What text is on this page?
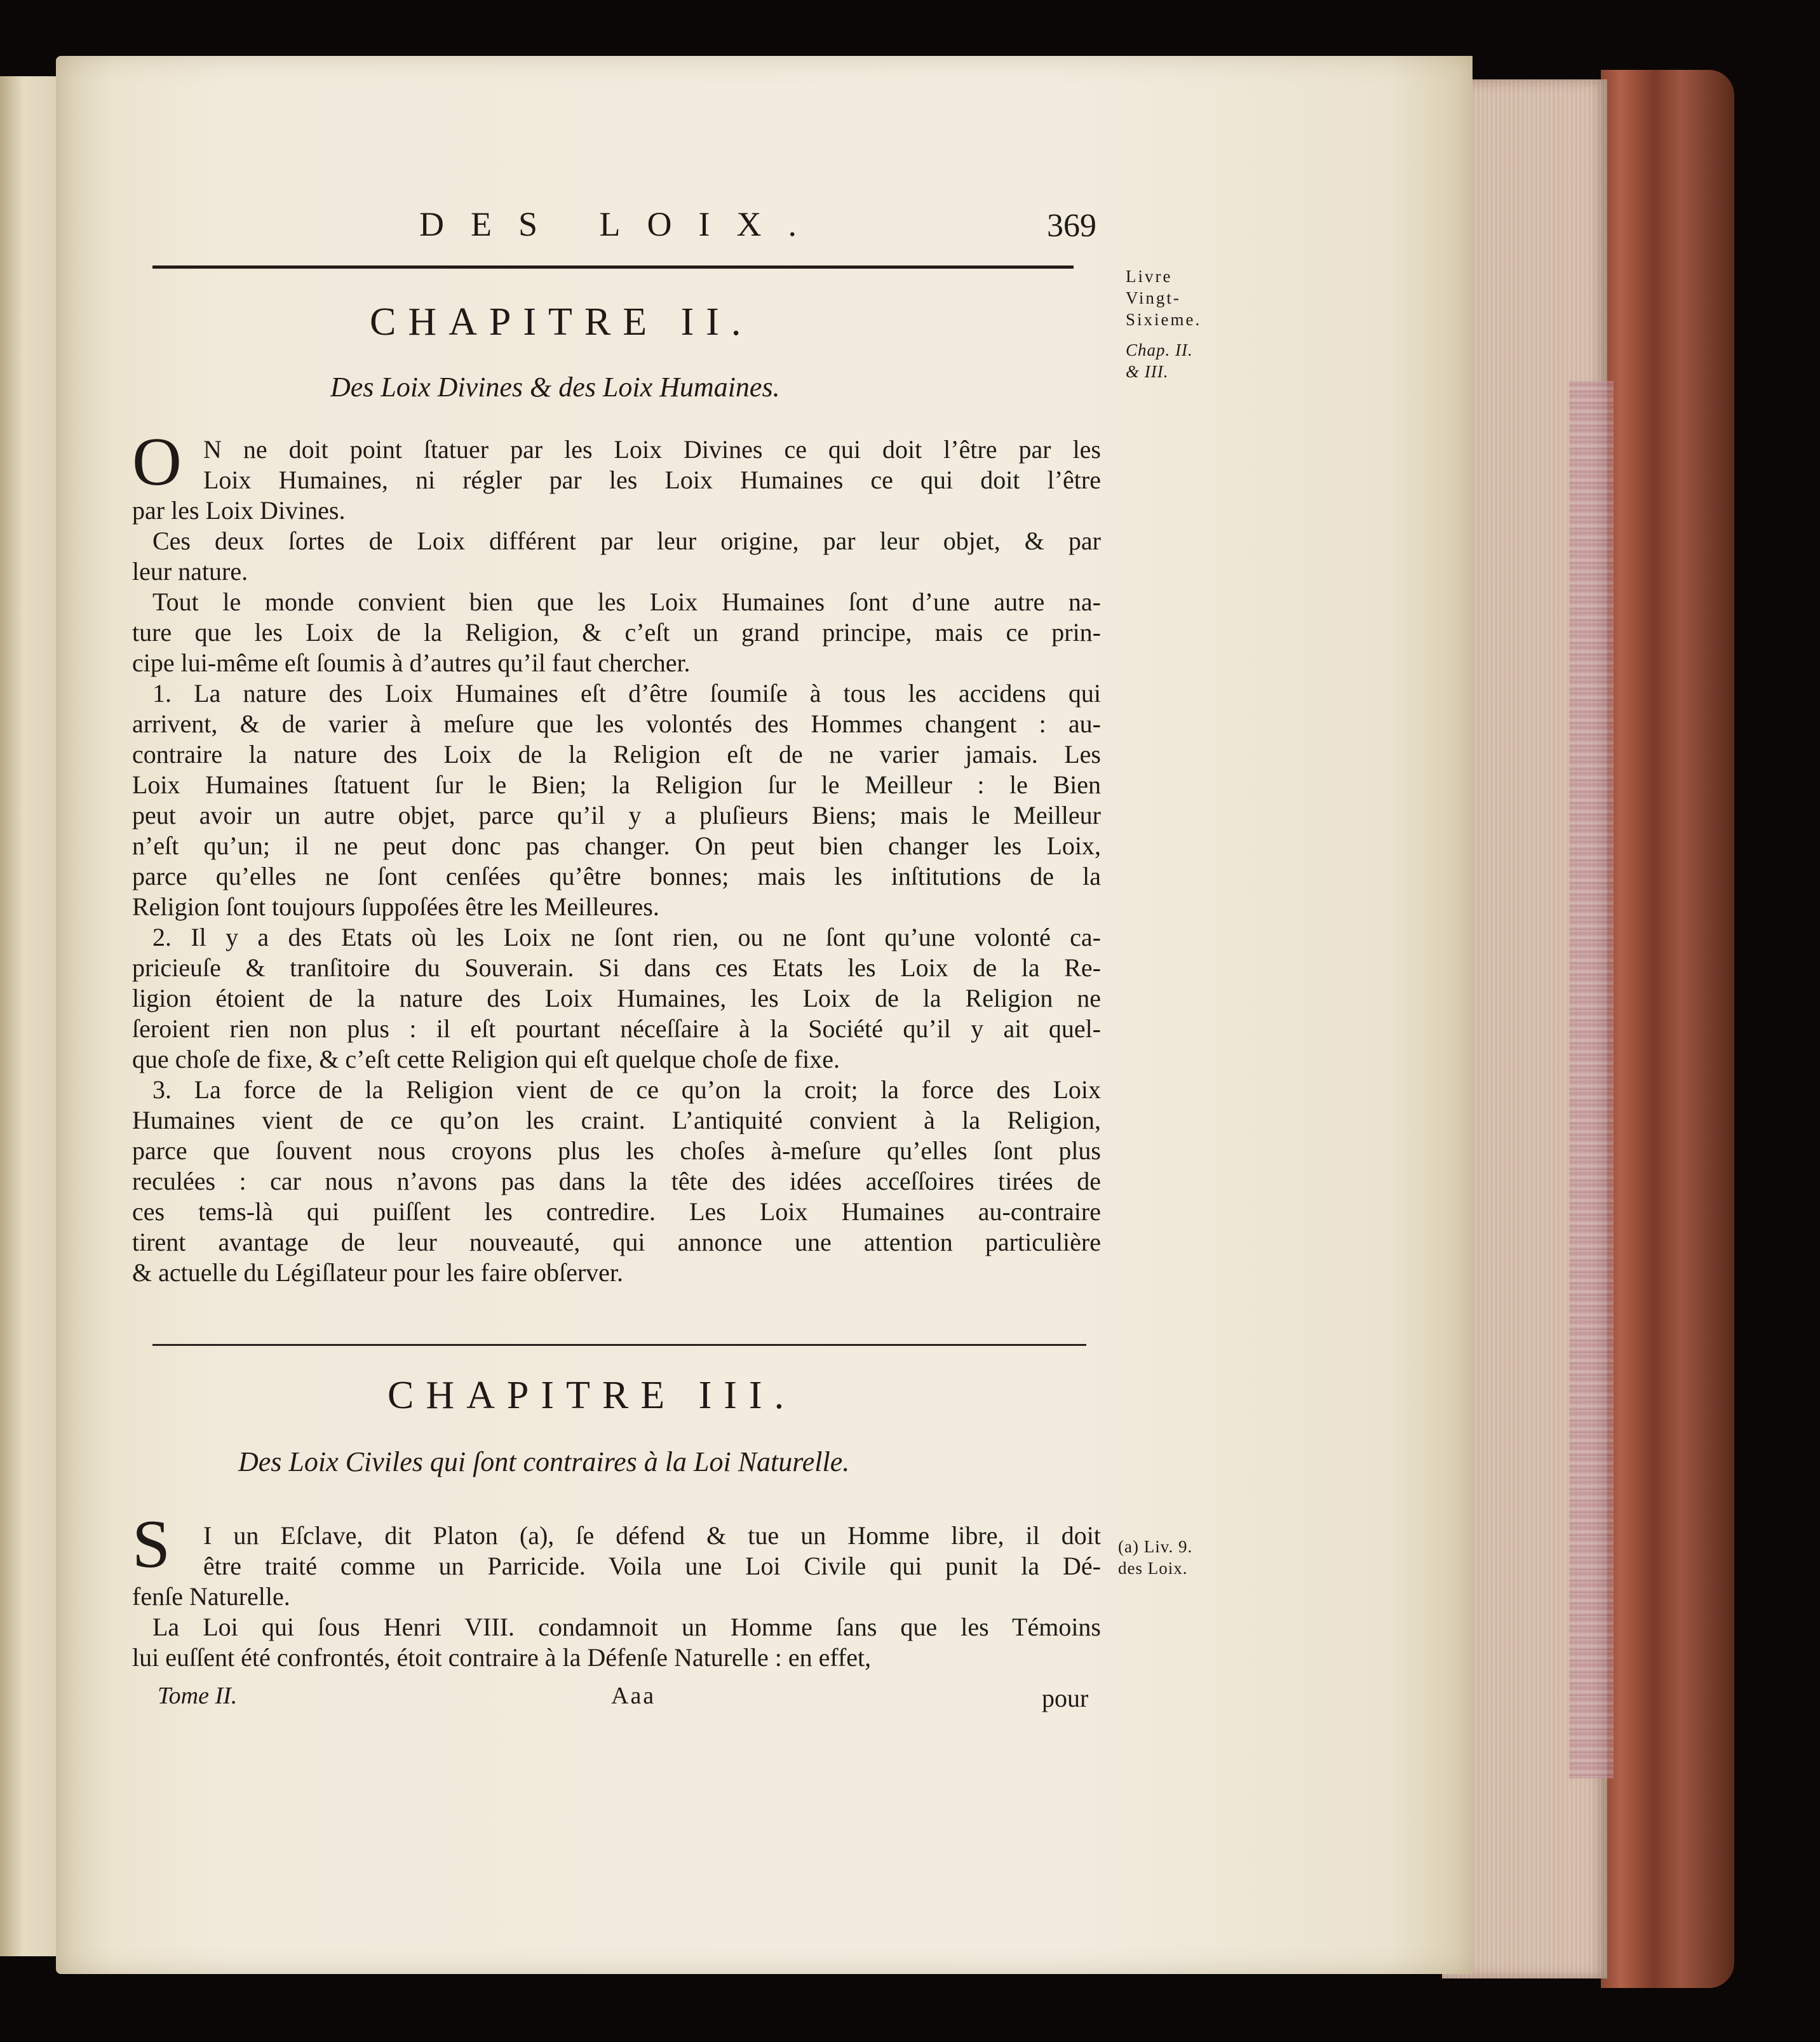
DES LOIX.	369

Livre
Vingt-
Sixieme.
Chap. II.
& III.

CHAPITRE II.

Des Loix Divines & des Loix Humaines.

O N ne doit point ſtatuer par les Loix Divines ce qui doit l’être par les
Loix Humaines, ni régler par les Loix Humaines ce qui doit l’être
par les Loix Divines.
Ces deux ſortes de Loix différent par leur origine, par leur objet, & par
leur nature.
Tout le monde convient bien que les Loix Humaines ſont d’une autre na-
ture que les Loix de la Religion, & c’eſt un grand principe, mais ce prin-
cipe lui-même eſt ſoumis à d’autres qu’il faut chercher.
1. La nature des Loix Humaines eſt d’être ſoumiſe à tous les accidens qui
arrivent, & de varier à meſure que les volontés des Hommes changent : au-
contraire la nature des Loix de la Religion eſt de ne varier jamais. Les
Loix Humaines ſtatuent ſur le Bien; la Religion ſur le Meilleur : le Bien
peut avoir un autre objet, parce qu’il y a pluſieurs Biens; mais le Meilleur
n’eſt qu’un; il ne peut donc pas changer. On peut bien changer les Loix,
parce qu’elles ne ſont cenſées qu’être bonnes; mais les inſtitutions de la
Religion ſont toujours ſuppoſées être les Meilleures.
2. Il y a des Etats où les Loix ne ſont rien, ou ne ſont qu’une volonté ca-
pricieuſe & tranſitoire du Souverain. Si dans ces Etats les Loix de la Re-
ligion étoient de la nature des Loix Humaines, les Loix de la Religion ne
ſeroient rien non plus : il eſt pourtant néceſſaire à la Société qu’il y ait quel-
que choſe de fixe, & c’eſt cette Religion qui eſt quelque choſe de fixe.
3. La force de la Religion vient de ce qu’on la croit; la force des Loix
Humaines vient de ce qu’on les craint. L’antiquité convient à la Religion,
parce que ſouvent nous croyons plus les choſes à-meſure qu’elles ſont plus
reculées : car nous n’avons pas dans la tête des idées acceſſoires tirées de
ces tems-là qui puiſſent les contredire. Les Loix Humaines au-contraire
tirent avantage de leur nouveauté, qui annonce une attention particulière
& actuelle du Légiſlateur pour les faire obſerver.

CHAPITRE III.

Des Loix Civiles qui ſont contraires à la Loi Naturelle.

S	I un Eſclave, dit Platon (a), ſe défend & tue un Homme libre, il doit
être traité comme un Parricide. Voila une Loi Civile qui punit la Dé-
fenſe Naturelle.
La Loi qui ſous Henri VIII. condamnoit un Homme ſans que les Témoins
lui euſſent été confrontés, étoit contraire à la Défenſe Naturelle : en effet,
(a) Liv. 9.
des Loix.

Tome II.	Aaa	pour
